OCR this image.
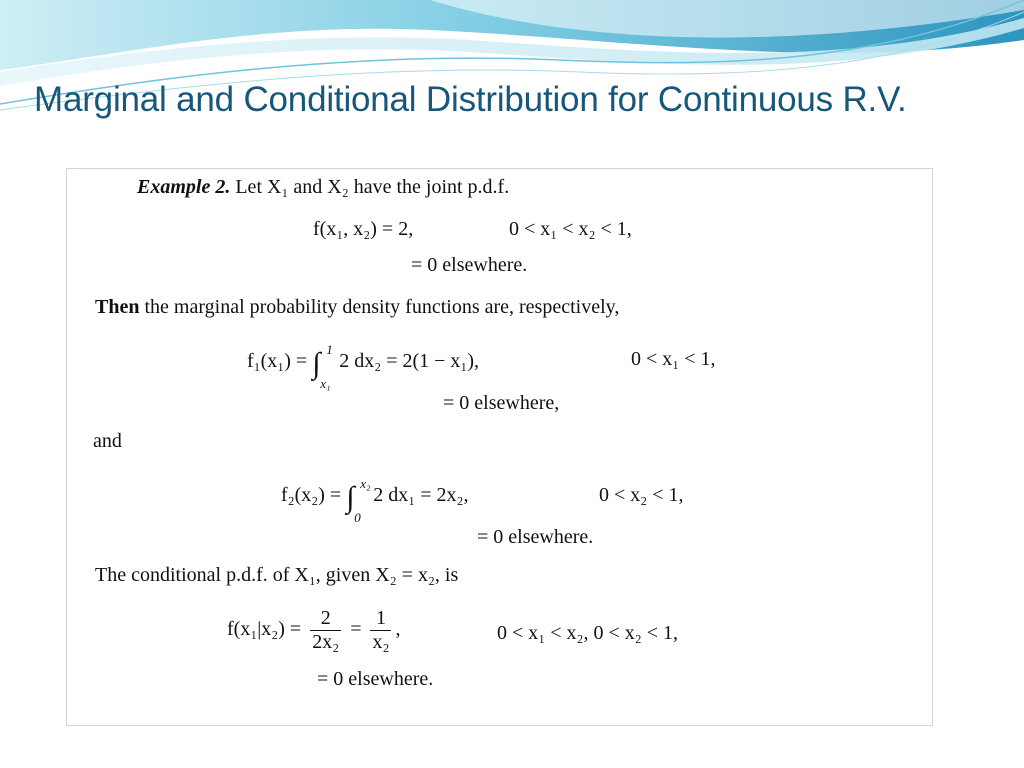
Marginal and Conditional Distribution for Continuous R.V.
Example 2. Let X₁ and X₂ have the joint p.d.f.
f(x₁, x₂) = 2,	0 < x₁ < x₂ < 1,
= 0 elsewhere.
Then the marginal probability density functions are, respectively,
f₁(x₁) = ∫ 1
x₁
2 dx₂ = 2(1 − x₁),	0 < x₁ < 1,
= 0 elsewhere,
and
f₂(x₂) = ∫ x₂
0
2 dx₁ = 2x₂,	0 < x₂ < 1,
= 0 elsewhere.
The conditional p.d.f. of X₁, given X₂ = x₂, is
$f(x_1|x_2) = \frac{2}{\text{2x₂}} = \frac{1}{\text{x₂}}$ ,	0 < x₁ < x₂, 0 < x₂ < 1,
= 0 elsewhere.
